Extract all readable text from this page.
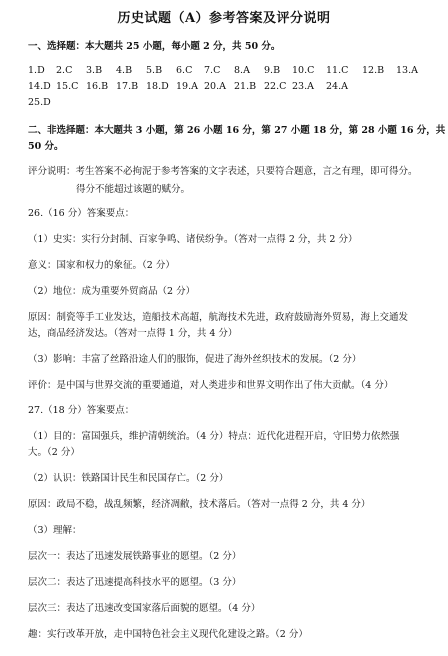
历史试题（A）参考答案及评分说明
一、选择题：本大题共 25 小题，每小题 2 分，共 50 分。
1.D 2.C 3.B 4.B 5.B 6.C 7.C 8.A 9.B 10.C 11.C 12.B 13.A
14.D 15.C 16.B 17.B 18.D 19.A 20.A 21.B 22.C 23.A 24.A
25.D
二、非选择题：本大题共 3 小题，第 26 小题 16 分，第 27 小题 18 分，第 28 小题 16 分，共
50 分。
评分说明：考生答案不必拘泥于参考答案的文字表述，只要符合题意，言之有理，即可得分。
得分不能超过该题的赋分。
26.（16 分）答案要点：
（1）史实：实行分封制、百家争鸣、诸侯纷争。（答对一点得 2 分，共 2 分）
意义：国家和权力的象征。（2 分）
（2）地位：成为重要外贸商品（2 分）
原因：制瓷等手工业发达，造船技术高超，航海技术先进，政府鼓励海外贸易，海上交通发
达，商品经济发达。（答对一点得 1 分，共 4 分）
（3）影响：丰富了丝路沿途人们的服饰，促进了海外丝织技术的发展。（2 分）
评价：是中国与世界交流的重要通道，对人类进步和世界文明作出了伟大贡献。（4 分）
27.（18 分）答案要点：
（1）目的：富国强兵，维护清朝统治。（4 分）特点：近代化进程开启，守旧势力依然强
大。（2 分）
（2）认识：铁路国计民生和民国存亡。（2 分）
原因：政局不稳，战乱频繁，经济凋敝，技术落后。（答对一点得 2 分，共 4 分）
（3）理解：
层次一：表达了迅速发展铁路事业的愿望。（2 分）
层次二：表达了迅速提高科技水平的愿望。（3 分）
层次三：表达了迅速改变国家落后面貌的愿望。（4 分）
趣：实行改革开放，走中国特色社会主义现代化建设之路。（2 分）
